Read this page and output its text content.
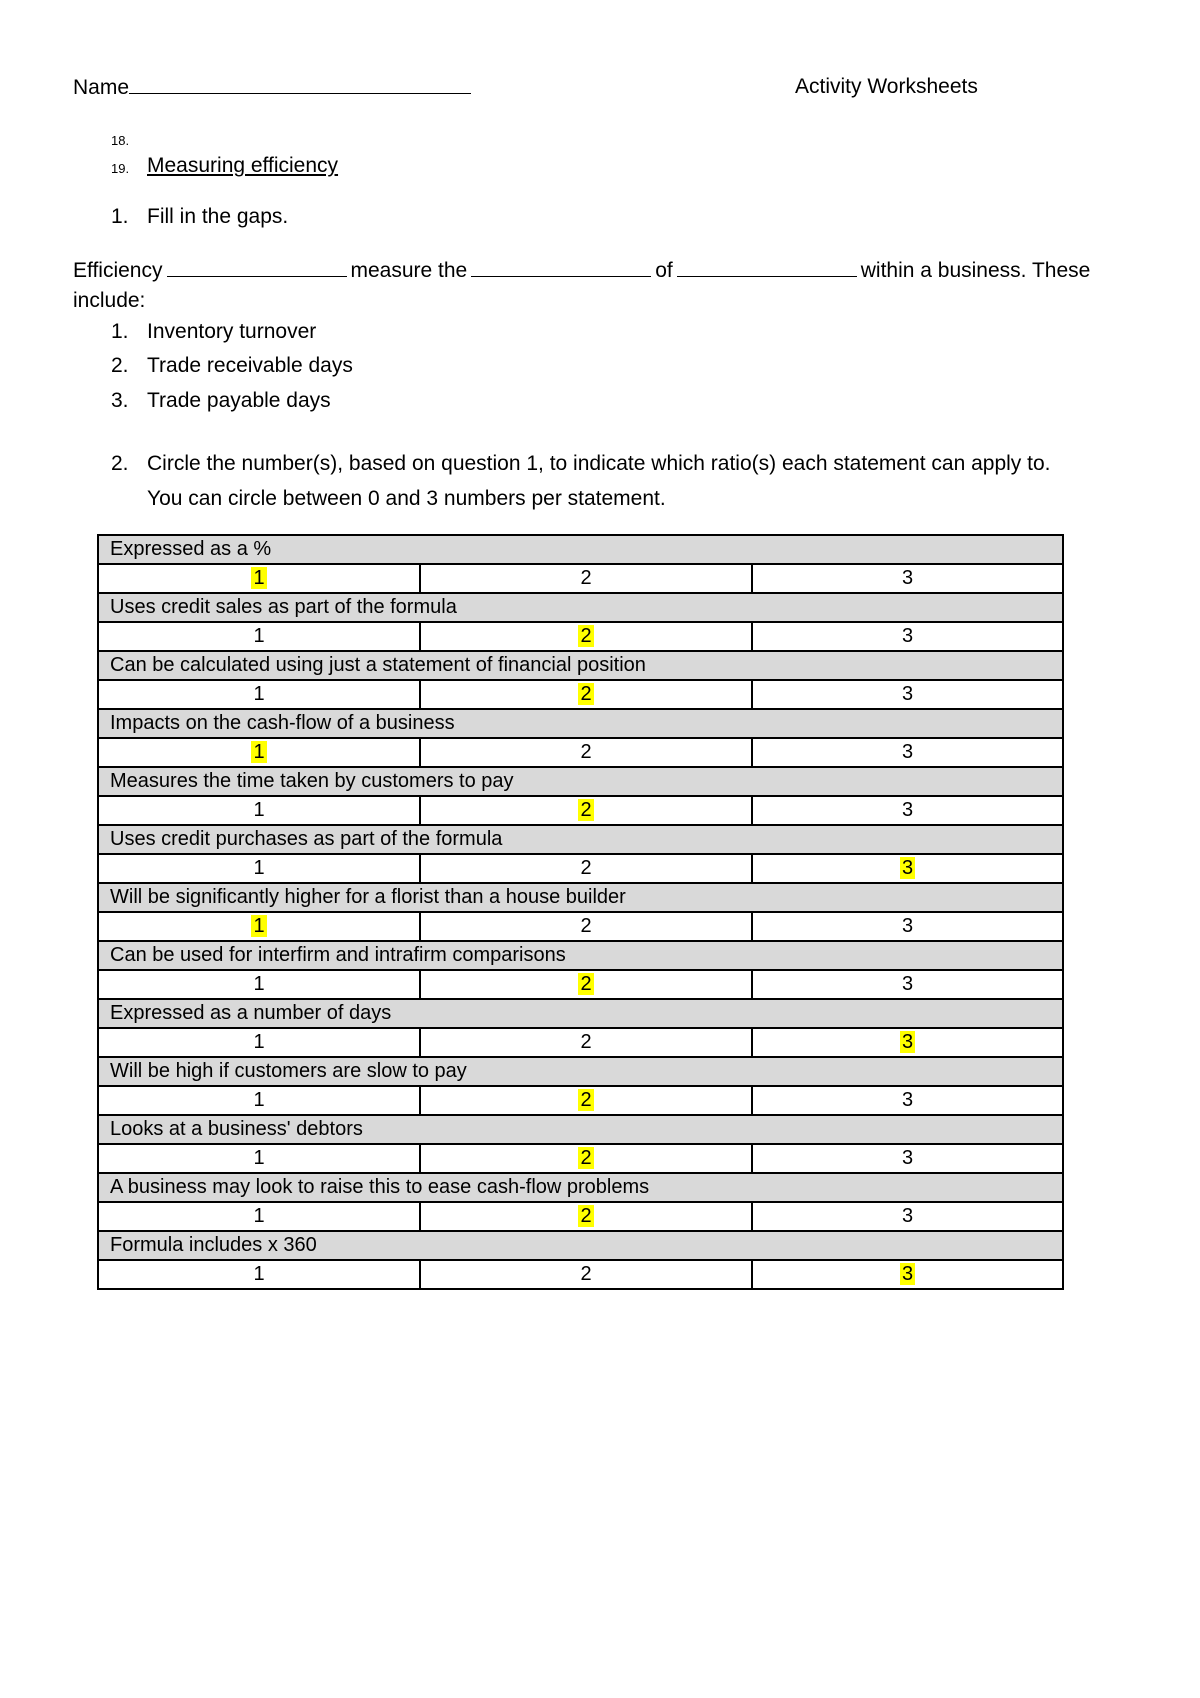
Name	Activity Worksheets
18.
19. Measuring efficiency
1. Fill in the gaps.
Efficiency	measure the	of	within a business. These
include:
1. Inventory turnover
2. Trade receivable days
3. Trade payable days
2. Circle the number(s), based on question 1, to indicate which ratio(s) each statement can apply to.
You can circle between 0 and 3 numbers per statement.
Expressed as a %		
1	2	3
Uses credit sales as part of the formula		
1	2	3
Can be calculated using just a statement of financial position		
1	2	3
Impacts on the cash-flow of a business		
1	2	3
Measures the time taken by customers to pay		
1	2	3
Uses credit purchases as part of the formula		
1	2	3
Will be significantly higher for a florist than a house builder		
1	2	3
Can be used for interfirm and intrafirm comparisons		
1	2	3
Expressed as a number of days		
1	2	3
Will be high if customers are slow to pay		
1	2	3
Looks at a business' debtors		
1	2	3
A business may look to raise this to ease cash-flow problems		
1	2	3
Formula includes x 360		
1	2	3
